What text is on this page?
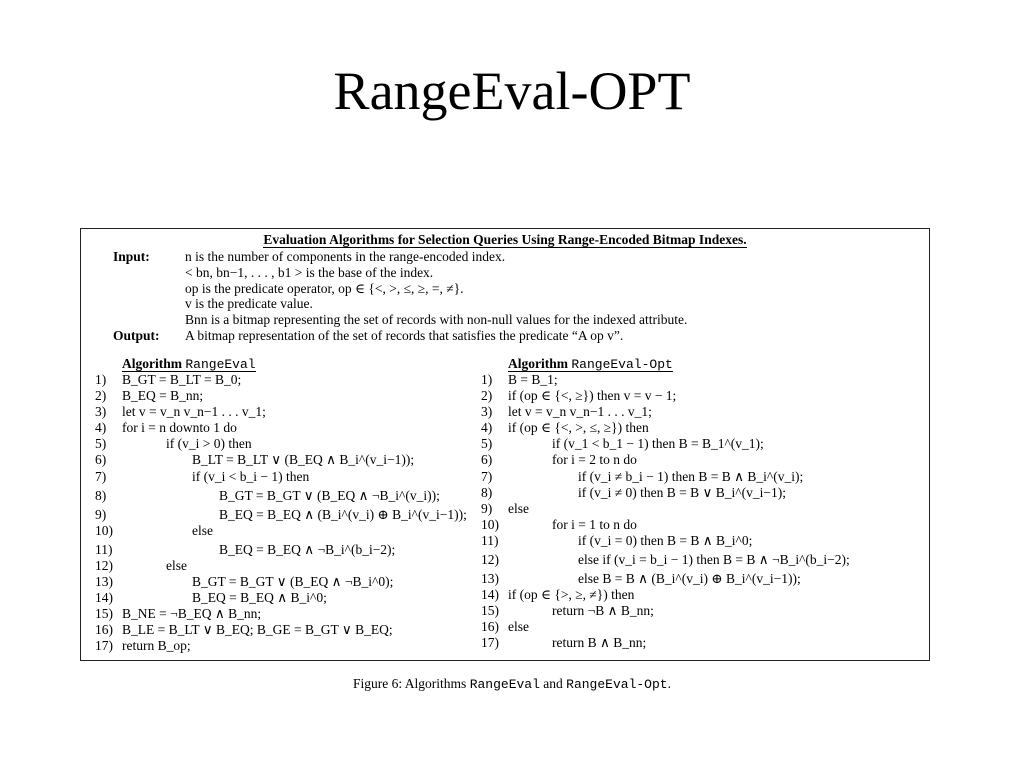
RangeEval-OPT
Evaluation Algorithms for Selection Queries Using Range-Encoded Bitmap Indexes.
Input:	n is the number of components in the range-encoded index.
< bn, bn−1, . . . , b1 > is the base of the index.
op is the predicate operator, op ∈ {<, >, ≤, ≥, =, ≠}.
v is the predicate value.
Bnn is a bitmap representing the set of records with non-null values for the indexed attribute.
Output:	A bitmap representation of the set of records that satisfies the predicate “A op v”.
Algorithm RangeEval
1)	B_GT = B_LT = B_0;
2)	B_EQ = B_nn;
3)	let v = v_n v_n−1 . . . v_1;
4)	for i = n downto 1 do
5)	if (v_i > 0) then
6)	B_LT = B_LT ∨ (B_EQ ∧ B_i^(v_i−1));
7)	if (v_i < b_i − 1) then
8)	B_GT = B_GT ∨ (B_EQ ∧ ¬B_i^(v_i));
9)	B_EQ = B_EQ ∧ (B_i^(v_i) ⊕ B_i^(v_i−1));
10)	else
11)	B_EQ = B_EQ ∧ ¬B_i^(b_i−2);
12)	else
13)	B_GT = B_GT ∨ (B_EQ ∧ ¬B_i^0);
14)	B_EQ = B_EQ ∧ B_i^0;
15) B_NE = ¬B_EQ ∧ B_nn;
16) B_LE = B_LT ∨ B_EQ; B_GE = B_GT ∨ B_EQ;
17) return B_op;
Algorithm RangeEval-Opt
1)	B = B_1;
2)	if (op ∈ {<, ≥}) then v = v − 1;
3)	let v = v_n v_n−1 . . . v_1;
4)	if (op ∈ {<, >, ≤, ≥}) then
5)	if (v_1 < b_1 − 1) then B = B_1^(v_1);
6)	for i = 2 to n do
7)	if (v_i ≠ b_i − 1) then B = B ∧ B_i^(v_i);
8)	if (v_i ≠ 0) then B = B ∨ B_i^(v_i−1);
9)	else
10)	for i = 1 to n do
11)	if (v_i = 0) then B = B ∧ B_i^0;
12)	else if (v_i = b_i − 1) then B = B ∧ ¬B_i^(b_i−2);
13)	else B = B ∧ (B_i^(v_i) ⊕ B_i^(v_i−1));
14) if (op ∈ {>, ≥, ≠}) then
15)	return ¬B ∧ B_nn;
16) else
17)	return B ∧ B_nn;
Figure 6: Algorithms RangeEval and RangeEval-Opt.
